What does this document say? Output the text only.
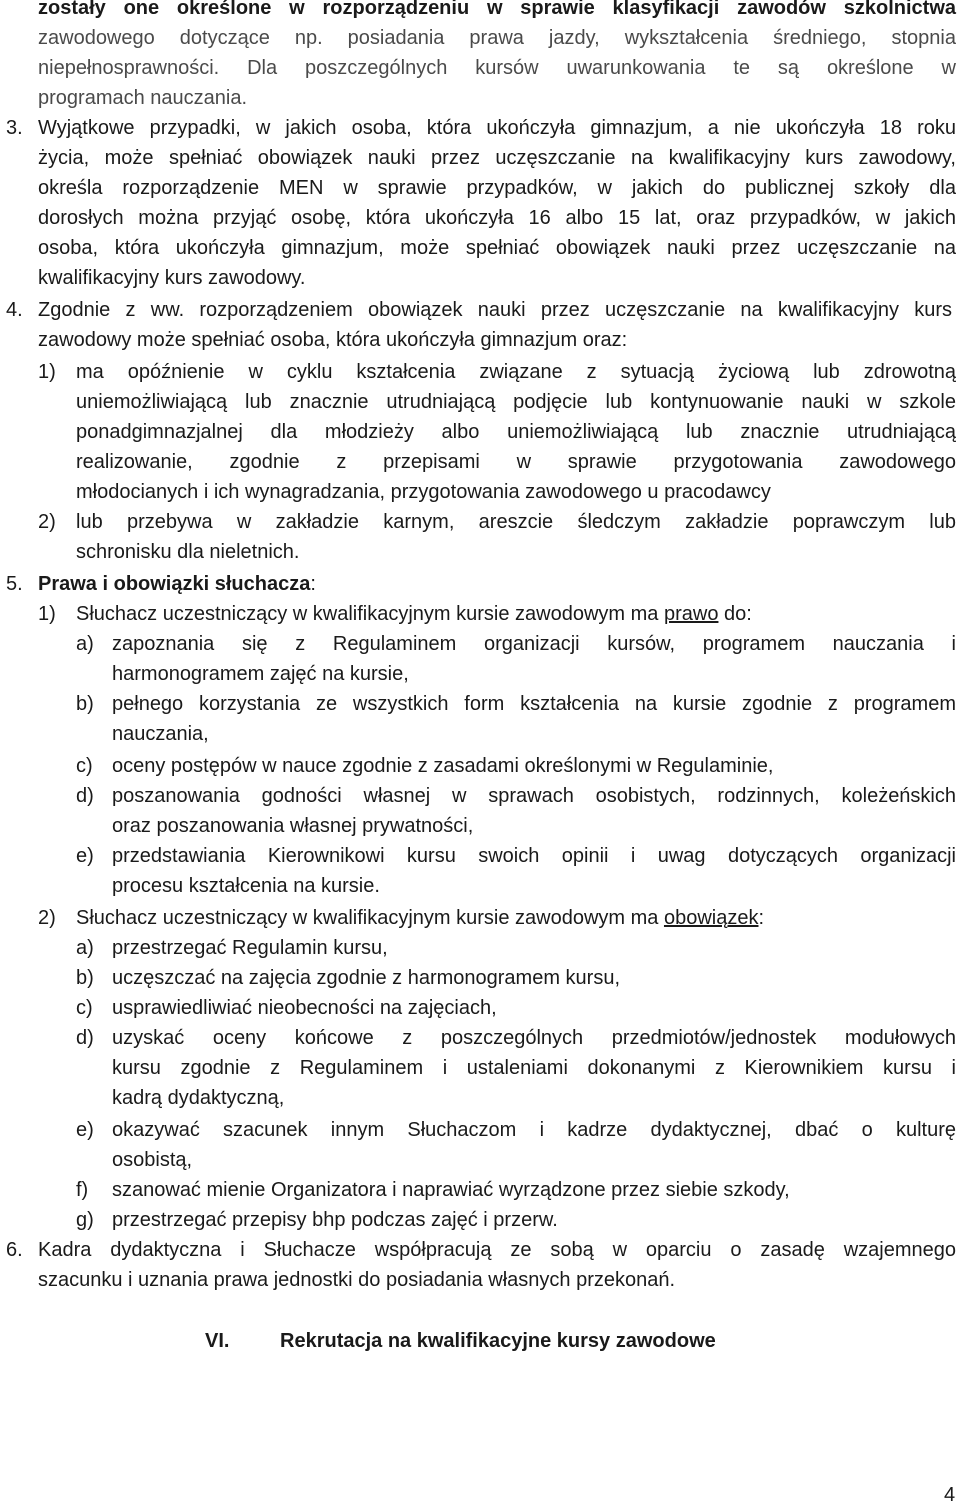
zostały one określone w rozporządzeniu w sprawie klasyfikacji zawodów szkolnictwa
zawodowego dotyczące np. posiadania prawa jazdy, wykształcenia średniego, stopnia
niepełnosprawności. Dla poszczególnych kursów uwarunkowania te są określone w
programach nauczania.
3. Wyjątkowe przypadki, w jakich osoba, która ukończyła gimnazjum, a nie ukończyła 18 roku
życia, może spełniać obowiązek nauki przez uczęszczanie na kwalifikacyjny kurs zawodowy,
określa rozporządzenie MEN w sprawie przypadków, w jakich do publicznej szkoły dla
dorosłych można przyjąć osobę, która ukończyła 16 albo 15 lat, oraz przypadków, w jakich
osoba, która ukończyła gimnazjum, może spełniać obowiązek nauki przez uczęszczanie na
kwalifikacyjny kurs zawodowy.
4. Zgodnie z ww. rozporządzeniem obowiązek nauki przez uczęszczanie na kwalifikacyjny kurs
zawodowy może spełniać osoba, która ukończyła gimnazjum oraz:
1) ma opóźnienie w cyklu kształcenia związane z sytuacją życiową lub zdrowotną
uniemożliwiającą lub znacznie utrudniającą podjęcie lub kontynuowanie nauki w szkole
ponadgimnazjalnej dla młodzieży albo uniemożliwiającą lub znacznie utrudniającą
realizowanie, zgodnie z przepisami w sprawie przygotowania zawodowego
młodocianych i ich wynagradzania, przygotowania zawodowego u pracodawcy
2) lub przebywa w zakładzie karnym, areszcie śledczym zakładzie poprawczym lub
schronisku dla nieletnich.
5. Prawa i obowiązki słuchacza:
1) Słuchacz uczestniczący w kwalifikacyjnym kursie zawodowym ma prawo do:
a) zapoznania się z Regulaminem organizacji kursów, programem nauczania i
harmonogramem zajęć na kursie,
b) pełnego korzystania ze wszystkich form kształcenia na kursie zgodnie z programem
nauczania,
c) oceny postępów w nauce zgodnie z zasadami określonymi w Regulaminie,
d) poszanowania godności własnej w sprawach osobistych, rodzinnych, koleżeńskich
oraz poszanowania własnej prywatności,
e) przedstawiania Kierownikowi kursu swoich opinii i uwag dotyczących organizacji
procesu kształcenia na kursie.
2) Słuchacz uczestniczący w kwalifikacyjnym kursie zawodowym ma obowiązek:
a) przestrzegać Regulamin kursu,
b) uczęszczać na zajęcia zgodnie z harmonogramem kursu,
c) usprawiedliwiać nieobecności na zajęciach,
d) uzyskać oceny końcowe z poszczególnych przedmiotów/jednostek modułowych
kursu zgodnie z Regulaminem i ustaleniami dokonanymi z Kierownikiem kursu i
kadrą dydaktyczną,
e) okazywać szacunek innym Słuchaczom i kadrze dydaktycznej, dbać o kulturę
osobistą,
f) szanować mienie Organizatora i naprawiać wyrządzone przez siebie szkody,
g) przestrzegać przepisy bhp podczas zajęć i przerw.
6. Kadra dydaktyczna i Słuchacze współpracują ze sobą w oparciu o zasadę wzajemnego
szacunku i uznania prawa jednostki do posiadania własnych przekonań.
VI.	Rekrutacja na kwalifikacyjne kursy zawodowe
4
